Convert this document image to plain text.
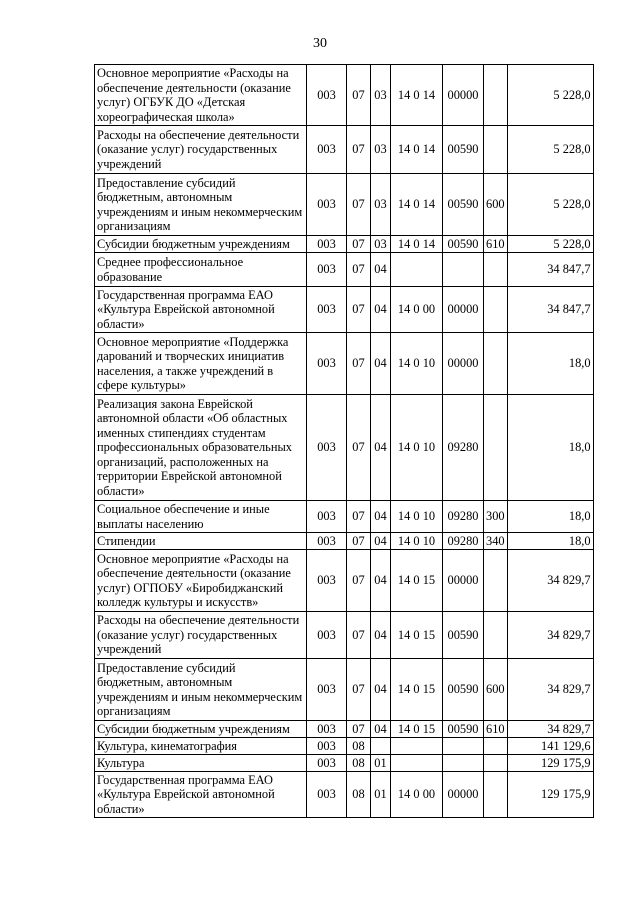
30
Основное мероприятие «Расходы на обеспечение деятельности (оказание услуг) ОГБУК ДО «Детская хореографическая школа»	003	07	03	14 0 14	00000		5 228,0
Расходы на обеспечение деятельности (оказание услуг) государственных учреждений	003	07	03	14 0 14	00590		5 228,0
Предоставление субсидий бюджетным, автономным учреждениям и иным некоммерческим организациям	003	07	03	14 0 14	00590	600	5 228,0
Субсидии бюджетным учреждениям	003	07	03	14 0 14	00590	610	5 228,0
Среднее профессиональное образование	003	07	04				34 847,7
Государственная программа ЕАО «Культура Еврейской автономной области»	003	07	04	14 0 00	00000		34 847,7
Основное мероприятие «Поддержка дарований и творческих инициатив населения, а также учреждений в сфере культуры»	003	07	04	14 0 10	00000		18,0
Реализация закона Еврейской автономной области «Об областных именных стипендиях студентам профессиональных образовательных организаций, расположенных на территории Еврейской автономной области»	003	07	04	14 0 10	09280		18,0
Социальное обеспечение и иные выплаты населению	003	07	04	14 0 10	09280	300	18,0
Стипендии	003	07	04	14 0 10	09280	340	18,0
Основное мероприятие «Расходы на обеспечение деятельности (оказание услуг) ОГПОБУ «Биробиджанский колледж культуры и искусств»	003	07	04	14 0 15	00000		34 829,7
Расходы на обеспечение деятельности (оказание услуг) государственных учреждений	003	07	04	14 0 15	00590		34 829,7
Предоставление субсидий бюджетным, автономным учреждениям и иным некоммерческим организациям	003	07	04	14 0 15	00590	600	34 829,7
Субсидии бюджетным учреждениям	003	07	04	14 0 15	00590	610	34 829,7
Культура, кинематография	003	08					141 129,6
Культура	003	08	01				129 175,9
Государственная программа ЕАО «Культура Еврейской автономной области»	003	08	01	14 0 00	00000		129 175,9
